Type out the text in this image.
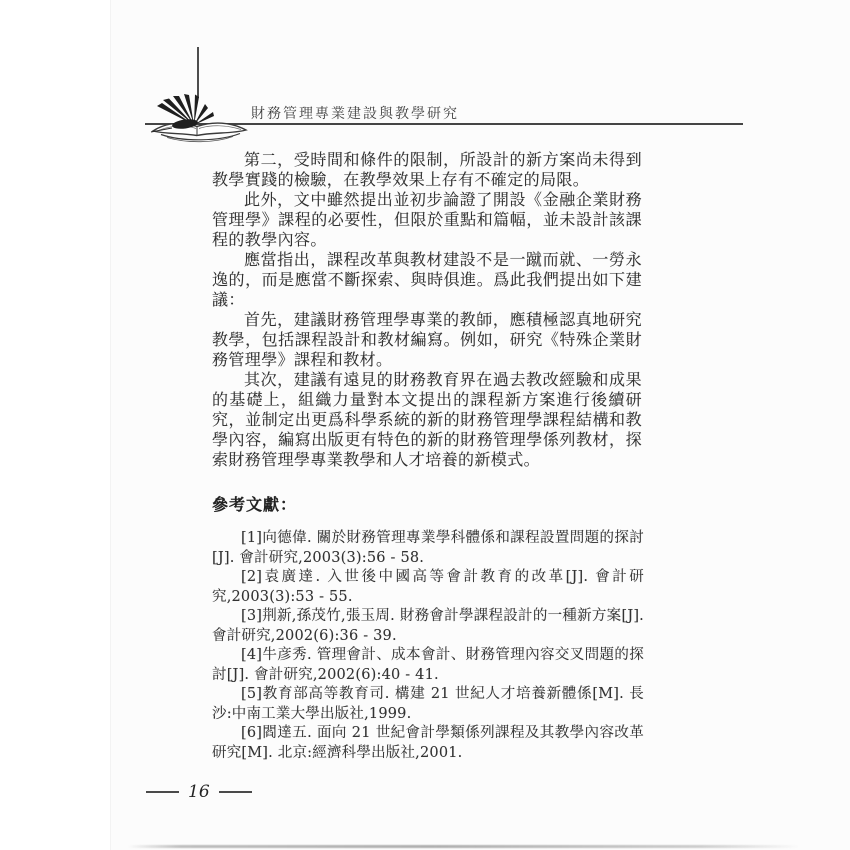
財務管理專業建設與教學研究

第二，受時間和條件的限制，所設計的新方案尚未得到教學實踐的檢驗，在教學效果上存有不確定的局限。

此外，文中雖然提出並初步論證了開設《金融企業財務管理學》課程的必要性，但限於重點和篇幅，並未設計該課程的教學內容。

應當指出，課程改革與教材建設不是一蹴而就、一勞永逸的，而是應當不斷探索、與時俱進。爲此我們提出如下建議：

首先，建議財務管理學專業的教師，應積極認真地研究教學，包括課程設計和教材編寫。例如，研究《特殊企業財務管理學》課程和教材。

其次，建議有遠見的財務教育界在過去教改經驗和成果的基礎上，組織力量對本文提出的課程新方案進行後續研究，並制定出更爲科學系統的新的財務管理學課程結構和教學內容，編寫出版更有特色的新的財務管理學係列教材，探索財務管理學專業教學和人才培養的新模式。

參考文獻：

[1]向德偉. 關於財務管理專業學科體係和課程設置問題的探討[J]. 會計研究,2003(3):56 - 58.

[2]袁廣達. 入世後中國高等會計教育的改革[J]. 會計研究,2003(3):53 - 55.

[3]荆新,孫茂竹,張玉周. 財務會計學課程設計的一種新方案[J]. 會計研究,2002(6):36 - 39.

[4]牛彦秀. 管理會計、成本會計、財務管理內容交叉問題的探討[J]. 會計研究,2002(6):40 - 41.

[5]教育部高等教育司. 構建 21 世紀人才培養新體係[M]. 長沙:中南工業大學出版社,1999.

[6]閻達五. 面向 21 世紀會計學類係列課程及其教學內容改革研究[M]. 北京:經濟科學出版社,2001.

16
